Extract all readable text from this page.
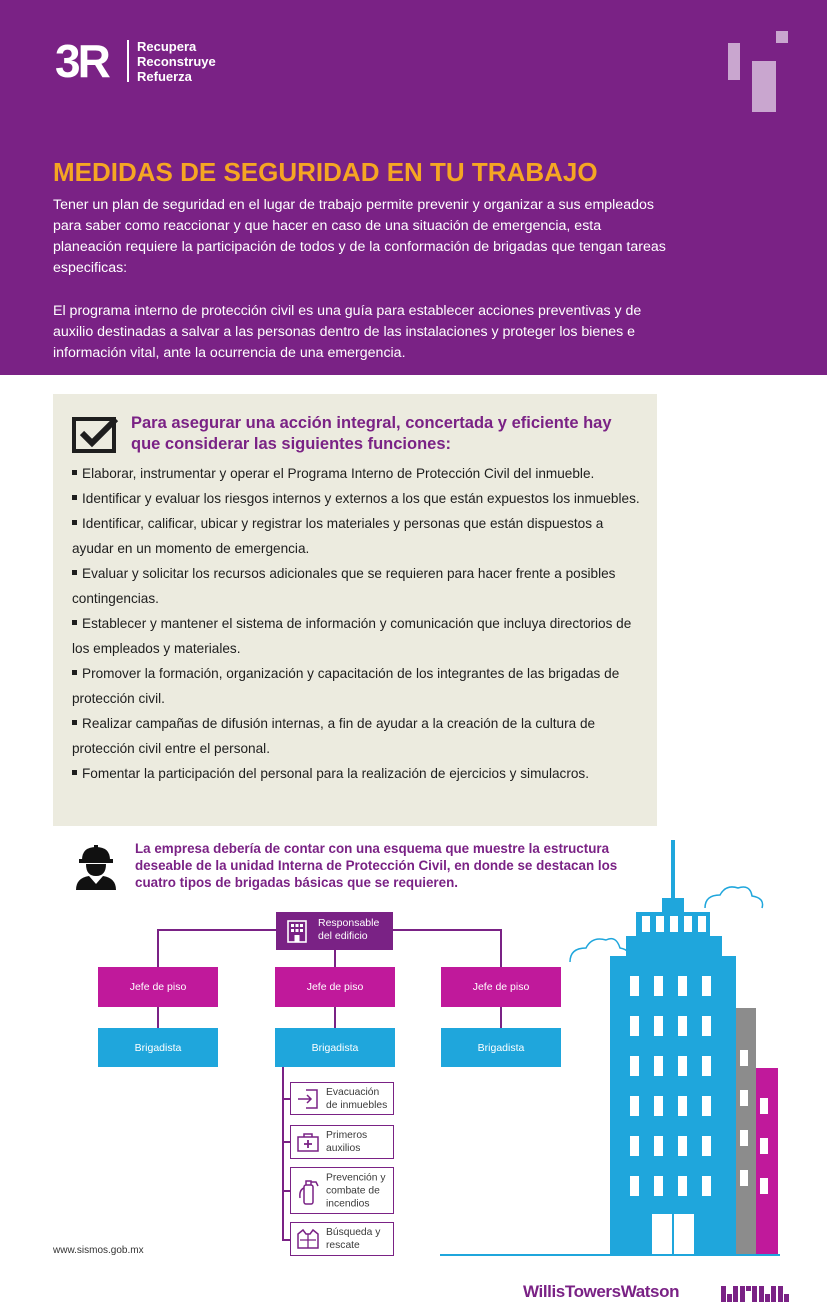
3R Recupera
Reconstruye
Refuerza
MEDIDAS DE SEGURIDAD EN TU TRABAJO

Tener un plan de seguridad en el lugar de trabajo permite prevenir y organizar a sus empleados para saber como reaccionar y que hacer en caso de una situación de emergencia, esta planeación requiere la participación de todos y de la conformación de brigadas que tengan tareas especificas:

El programa interno de protección civil es una guía para establecer acciones preventivas y de auxilio destinadas a salvar a las personas dentro de las instalaciones y proteger los bienes e información vital, ante la ocurrencia de una emergencia.

Para asegurar una acción integral, concertada y eficiente hay que considerar las siguientes funciones:
Elaborar, instrumentar y operar el Programa Interno de Protección Civil del inmueble.
Identificar y evaluar los riesgos internos y externos a los que están expuestos los inmuebles.
Identificar, calificar, ubicar y registrar los materiales y personas que están dispuestos a ayudar en un momento de emergencia.
Evaluar y solicitar los recursos adicionales que se requieren para hacer frente a posibles contingencias.
Establecer y mantener el sistema de información y comunicación que incluya directorios de los empleados y materiales.
Promover la formación, organización y capacitación de los integrantes de las brigadas de protección civil.
Realizar campañas de difusión internas, a fin de ayudar a la creación de la cultura de protección civil entre el personal.
Fomentar la participación del personal para la realización de ejercicios y simulacros.
La empresa debería de contar con una esquema que muestre la estructura deseable de la unidad Interna de Protección Civil, en donde se destacan los cuatro tipos de brigadas básicas que se requieren.
Responsable del edificio
Jefe de piso	Jefe de piso	Jefe de piso
Brigadista	Brigadista	Brigadista
Evacuación de inmuebles
Primeros auxilios
Prevención y combate de incendios
Búsqueda y rescate
www.sismos.gob.mx
WillisTowersWatson
